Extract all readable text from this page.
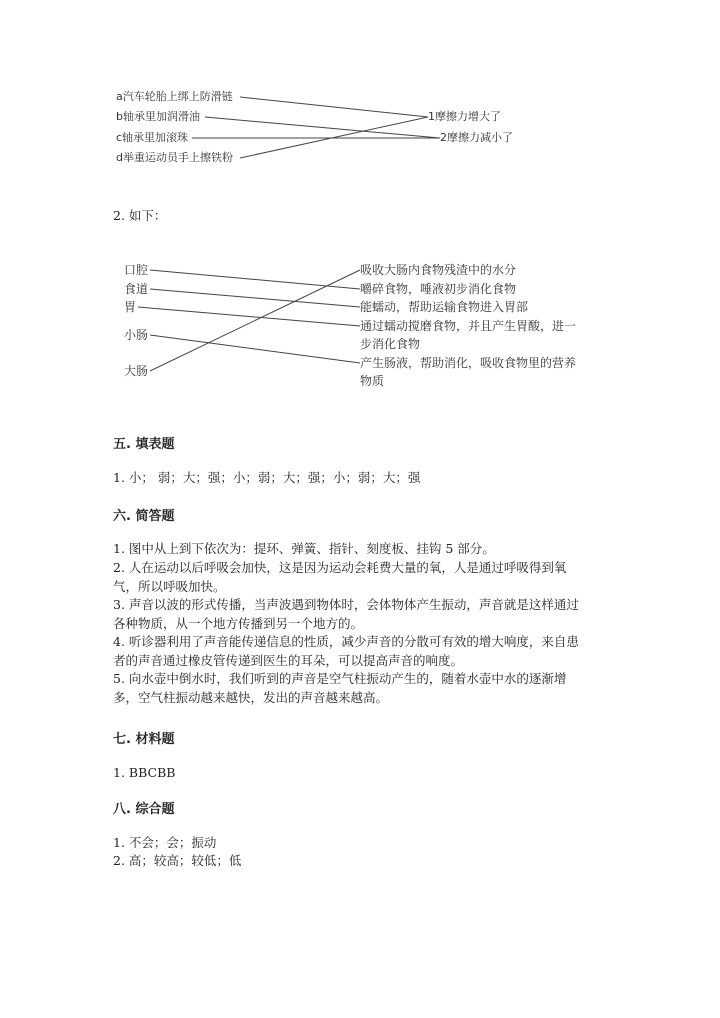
a汽车轮胎上绑上防滑链
b轴承里加润滑油
c轴承里加滚珠
d举重运动员手上擦铁粉
1摩擦力增大了
2摩擦力减小了
2. 如下：
口腔
食道
胃
小肠
大肠
吸收大肠内食物残渣中的水分
嚼碎食物，唾液初步消化食物
能蠕动，帮助运输食物进入胃部
通过蠕动搅磨食物，并且产生胃酸，进一步消化食物
产生肠液，帮助消化，吸收食物里的营养物质
五. 填表题
1. 小； 弱；大；强；小；弱；大；强；小；弱；大；强
六. 简答题
1. 图中从上到下依次为：提环、弹簧、指针、刻度板、挂钩 5 部分。
2. 人在运动以后呼吸会加快，这是因为运动会耗费大量的氧，人是通过呼吸得到氧气，所以呼吸加快。
3. 声音以波的形式传播，当声波遇到物体时，会体物体产生振动，声音就是这样通过各种物质，从一个地方传播到另一个地方的。
4. 听诊器利用了声音能传递信息的性质，减少声音的分散可有效的增大响度，来自患者的声音通过橡皮管传递到医生的耳朵，可以提高声音的响度。
5. 向水壶中倒水时，我们听到的声音是空气柱振动产生的，随着水壶中水的逐渐增多，空气柱振动越来越快，发出的声音越来越高。
七. 材料题
1. BBCBB
八. 综合题
1. 不会；会；振动
2. 高；较高；较低；低
